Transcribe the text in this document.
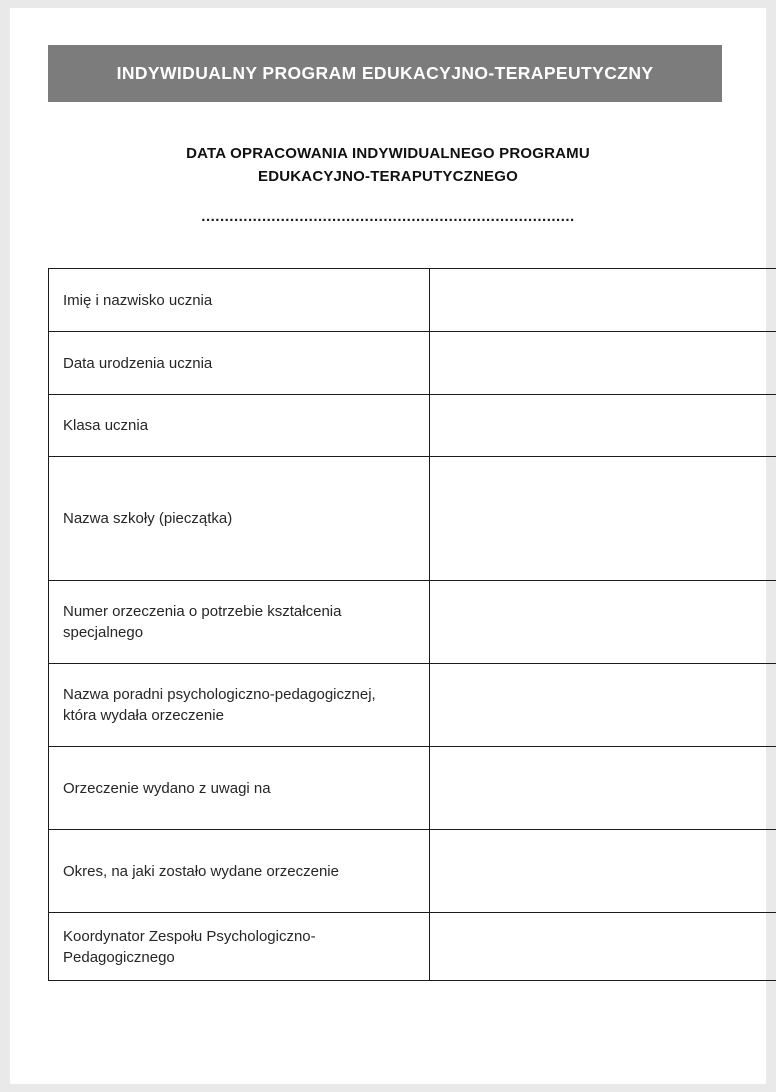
INDYWIDUALNY PROGRAM EDUKACYJNO-TERAPEUTYCZNY
DATA OPRACOWANIA INDYWIDUALNEGO PROGRAMU
EDUKACYJNO-TERAPUTYCZNEGO
................................................................................
Imię i nazwisko ucznia	
Data urodzenia ucznia	
Klasa ucznia	
Nazwa szkoły (pieczątka)	
Numer orzeczenia o potrzebie kształcenia specjalnego	
Nazwa poradni psychologiczno-pedagogicznej, która wydała orzeczenie	
Orzeczenie wydano z uwagi na	
Okres, na jaki zostało wydane orzeczenie	
Koordynator Zespołu Psychologiczno-Pedagogicznego	
